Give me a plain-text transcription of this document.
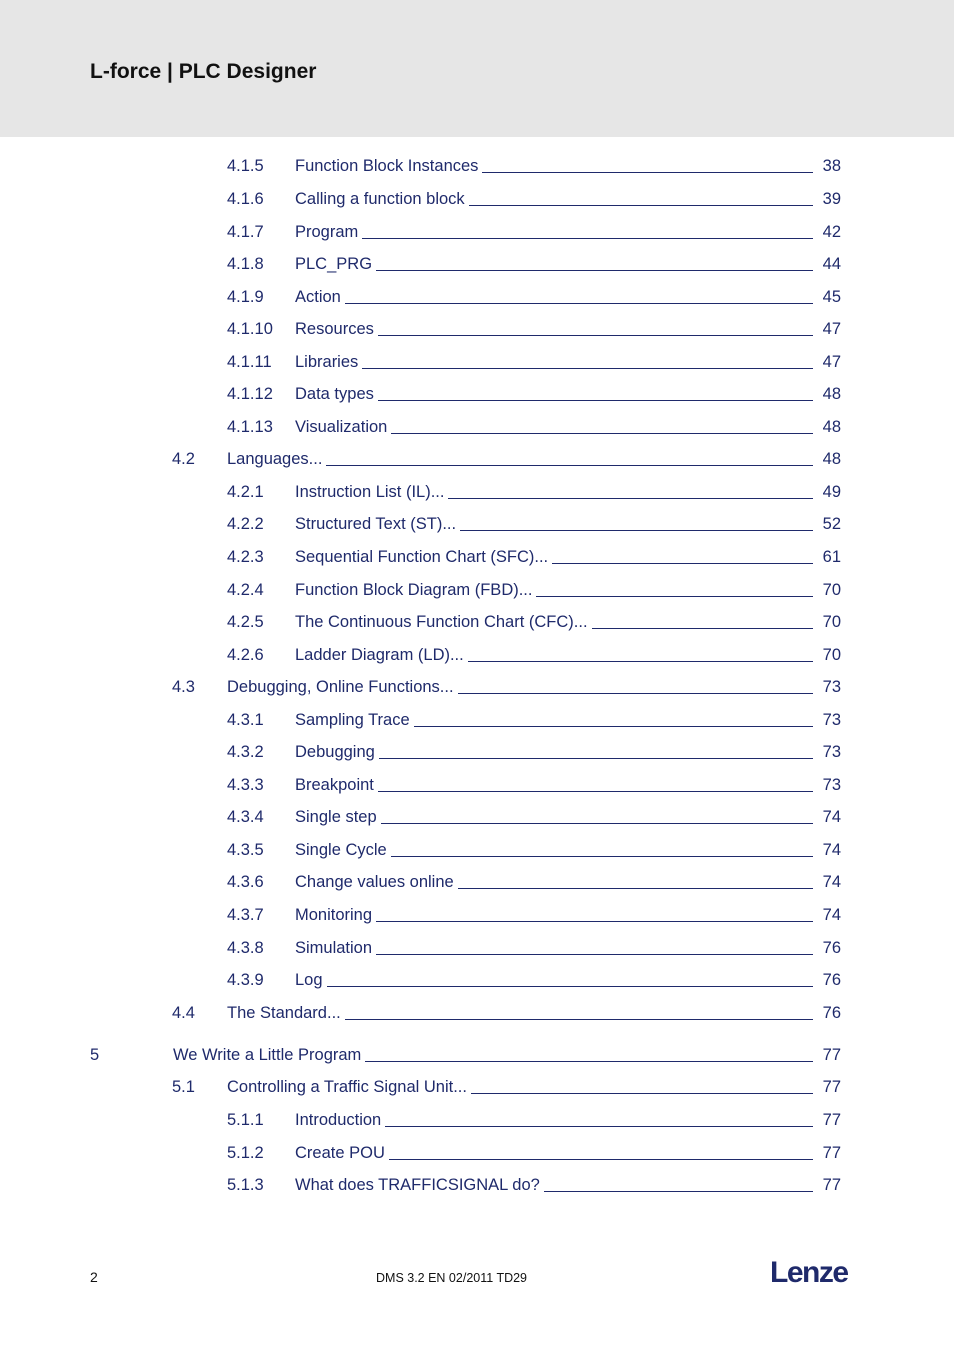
L-force | PLC Designer
4.1.5	Function Block Instances	38
4.1.6	Calling a function block	39
4.1.7	Program	42
4.1.8	PLC_PRG	44
4.1.9	Action	45
4.1.10	Resources	47
4.1.11	Libraries	47
4.1.12	Data types	48
4.1.13	Visualization	48
4.2	Languages...	48
4.2.1	Instruction List (IL)...	49
4.2.2	Structured Text (ST)...	52
4.2.3	Sequential Function Chart (SFC)...	61
4.2.4	Function Block Diagram (FBD)...	70
4.2.5	The Continuous Function Chart (CFC)...	70
4.2.6	Ladder Diagram (LD)...	70
4.3	Debugging, Online Functions...	73
4.3.1	Sampling Trace	73
4.3.2	Debugging	73
4.3.3	Breakpoint	73
4.3.4	Single step	74
4.3.5	Single Cycle	74
4.3.6	Change values online	74
4.3.7	Monitoring	74
4.3.8	Simulation	76
4.3.9	Log	76
4.4	The Standard...	76
5	We Write a Little Program	77
5.1	Controlling a Traffic Signal Unit...	77
5.1.1	Introduction	77
5.1.2	Create POU	77
5.1.3	What does TRAFFICSIGNAL do?	77
2	DMS 3.2 EN 02/2011 TD29	Lenze
